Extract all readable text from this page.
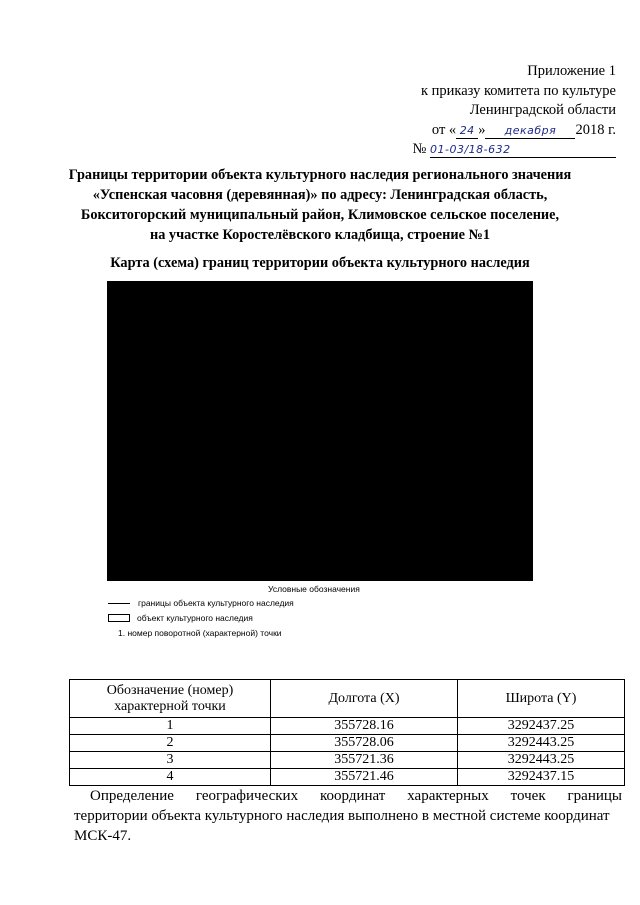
Приложение 1
к приказу комитета по культуре
Ленинградской области
от « 24 » декабря 2018 г.
№ 01-03/18-632
Границы территории объекта культурного наследия регионального значения
«Успенская часовня (деревянная)» по адресу: Ленинградская область,
Бокситогорский муниципальный район, Климовское сельское поселение,
на участке Коростелёвского кладбища, строение №1
Карта (схема) границ территории объекта культурного наследия
Условные обозначения
границы объекта культурного наследия
объект культурного наследия
1. номер поворотной (характерной) точки
Обозначение (номер) характерной точки	Долгота (X)	Широта (Y)
1	355728.16	3292437.25
2	355728.06	3292443.25
3	355721.36	3292443.25
4	355721.46	3292437.15
Определение географических координат характерных точек границы
территории объекта культурного наследия выполнено в местной системе координат
МСК-47.
